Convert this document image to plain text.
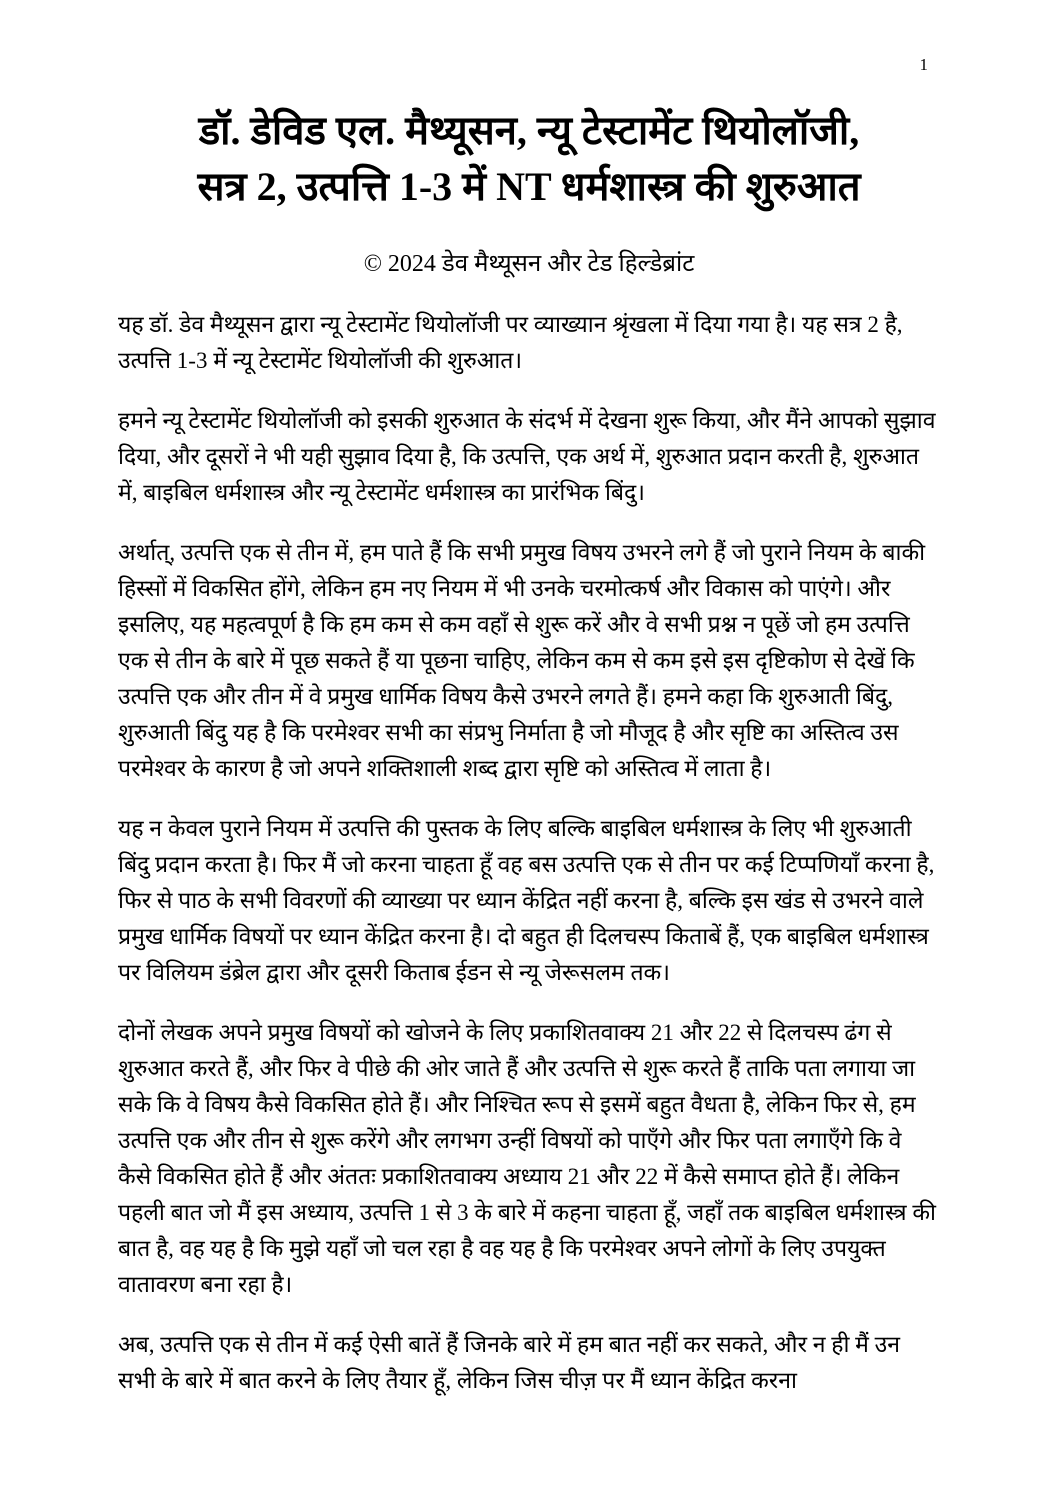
1
डॉ. डेविड एल. मैथ्यूसन, न्यू टेस्टामेंट थियोलॉजी,
सत्र 2, उत्पत्ति 1-3 में NT धर्मशास्त्र की शुरुआत

© 2024 डेव मैथ्यूसन और टेड हिल्डेब्रांट

यह डॉ. डेव मैथ्यूसन द्वारा न्यू टेस्टामेंट थियोलॉजी पर व्याख्यान श्रृंखला में दिया गया है। यह सत्र 2 है, उत्पत्ति 1-3 में न्यू टेस्टामेंट थियोलॉजी की शुरुआत।

हमने न्यू टेस्टामेंट थियोलॉजी को इसकी शुरुआत के संदर्भ में देखना शुरू किया, और मैंने आपको सुझाव दिया, और दूसरों ने भी यही सुझाव दिया है, कि उत्पत्ति, एक अर्थ में, शुरुआत प्रदान करती है, शुरुआत में, बाइबिल धर्मशास्त्र और न्यू टेस्टामेंट धर्मशास्त्र का प्रारंभिक बिंदु।

अर्थात्, उत्पत्ति एक से तीन में, हम पाते हैं कि सभी प्रमुख विषय उभरने लगे हैं जो पुराने नियम के बाकी हिस्सों में विकसित होंगे, लेकिन हम नए नियम में भी उनके चरमोत्कर्ष और विकास को पाएंगे। और इसलिए, यह महत्वपूर्ण है कि हम कम से कम वहाँ से शुरू करें और वे सभी प्रश्न न पूछें जो हम उत्पत्ति एक से तीन के बारे में पूछ सकते हैं या पूछना चाहिए, लेकिन कम से कम इसे इस दृष्टिकोण से देखें कि उत्पत्ति एक और तीन में वे प्रमुख धार्मिक विषय कैसे उभरने लगते हैं। हमने कहा कि शुरुआती बिंदु, शुरुआती बिंदु यह है कि परमेश्वर सभी का संप्रभु निर्माता है जो मौजूद है और सृष्टि का अस्तित्व उस परमेश्वर के कारण है जो अपने शक्तिशाली शब्द द्वारा सृष्टि को अस्तित्व में लाता है।

यह न केवल पुराने नियम में उत्पत्ति की पुस्तक के लिए बल्कि बाइबिल धर्मशास्त्र के लिए भी शुरुआती बिंदु प्रदान करता है। फिर मैं जो करना चाहता हूँ वह बस उत्पत्ति एक से तीन पर कई टिप्पणियाँ करना है, फिर से पाठ के सभी विवरणों की व्याख्या पर ध्यान केंद्रित नहीं करना है, बल्कि इस खंड से उभरने वाले प्रमुख धार्मिक विषयों पर ध्यान केंद्रित करना है। दो बहुत ही दिलचस्प किताबें हैं, एक बाइबिल धर्मशास्त्र पर विलियम डंब्रेल द्वारा और दूसरी किताब ईडन से न्यू जेरूसलम तक।

दोनों लेखक अपने प्रमुख विषयों को खोजने के लिए प्रकाशितवाक्य 21 और 22 से दिलचस्प ढंग से शुरुआत करते हैं, और फिर वे पीछे की ओर जाते हैं और उत्पत्ति से शुरू करते हैं ताकि पता लगाया जा सके कि वे विषय कैसे विकसित होते हैं। और निश्चित रूप से इसमें बहुत वैधता है, लेकिन फिर से, हम उत्पत्ति एक और तीन से शुरू करेंगे और लगभग उन्हीं विषयों को पाएँगे और फिर पता लगाएँगे कि वे कैसे विकसित होते हैं और अंततः प्रकाशितवाक्य अध्याय 21 और 22 में कैसे समाप्त होते हैं। लेकिन पहली बात जो मैं इस अध्याय, उत्पत्ति 1 से 3 के बारे में कहना चाहता हूँ, जहाँ तक बाइबिल धर्मशास्त्र की बात है, वह यह है कि मुझे यहाँ जो चल रहा है वह यह है कि परमेश्वर अपने लोगों के लिए उपयुक्त वातावरण बना रहा है।

अब, उत्पत्ति एक से तीन में कई ऐसी बातें हैं जिनके बारे में हम बात नहीं कर सकते, और न ही मैं उन सभी के बारे में बात करने के लिए तैयार हूँ, लेकिन जिस चीज़ पर मैं ध्यान केंद्रित करना
